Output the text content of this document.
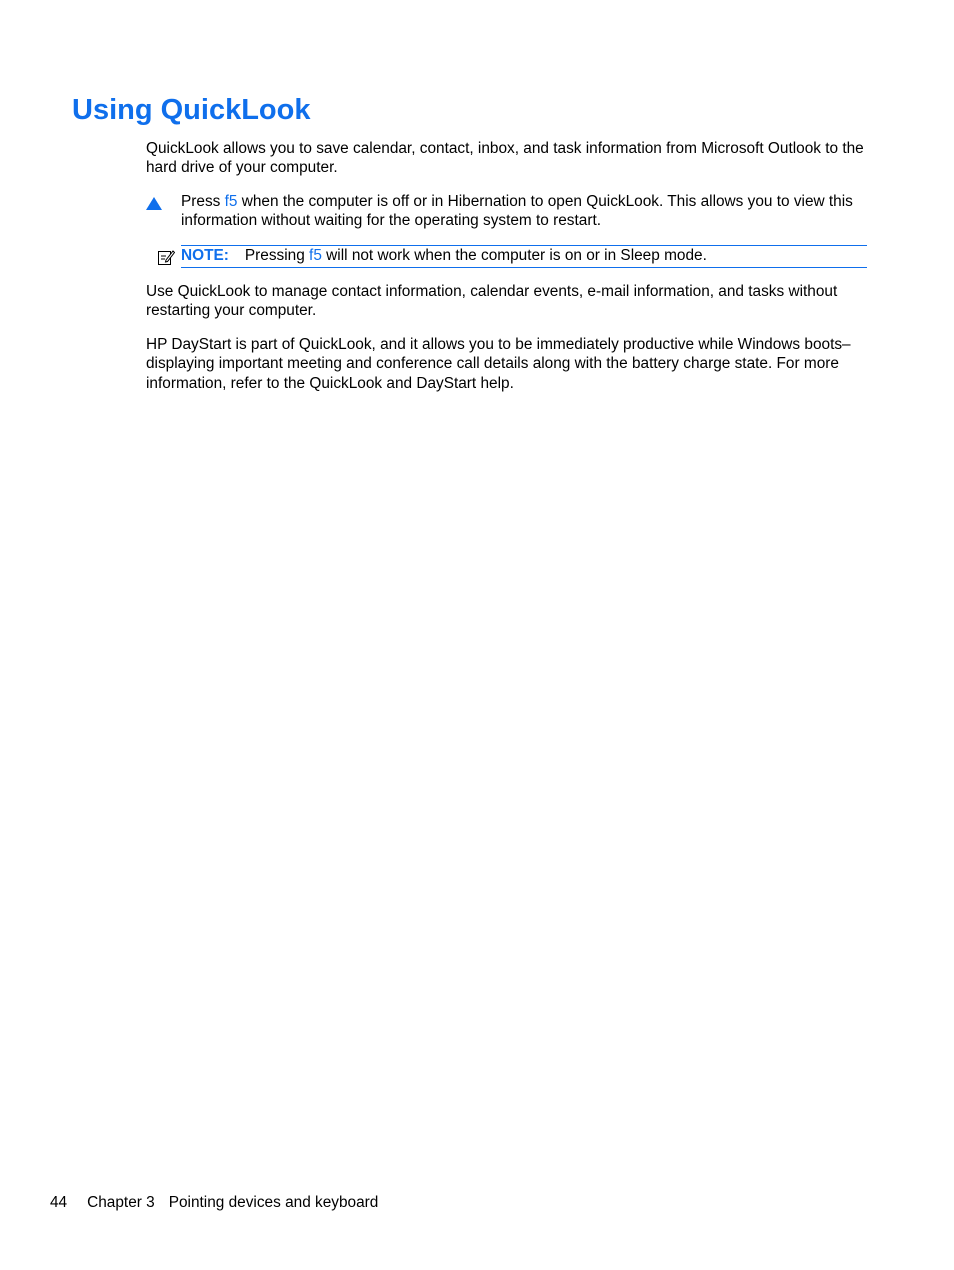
Using QuickLook

QuickLook allows you to save calendar, contact, inbox, and task information from Microsoft Outlook to the hard drive of your computer.

Press f5 when the computer is off or in Hibernation to open QuickLook. This allows you to view this information without waiting for the operating system to restart.

NOTE: Pressing f5 will not work when the computer is on or in Sleep mode.

Use QuickLook to manage contact information, calendar events, e-mail information, and tasks without restarting your computer.

HP DayStart is part of QuickLook, and it allows you to be immediately productive while Windows boots–displaying important meeting and conference call details along with the battery charge state. For more information, refer to the QuickLook and DayStart help.

44 Chapter 3 Pointing devices and keyboard
